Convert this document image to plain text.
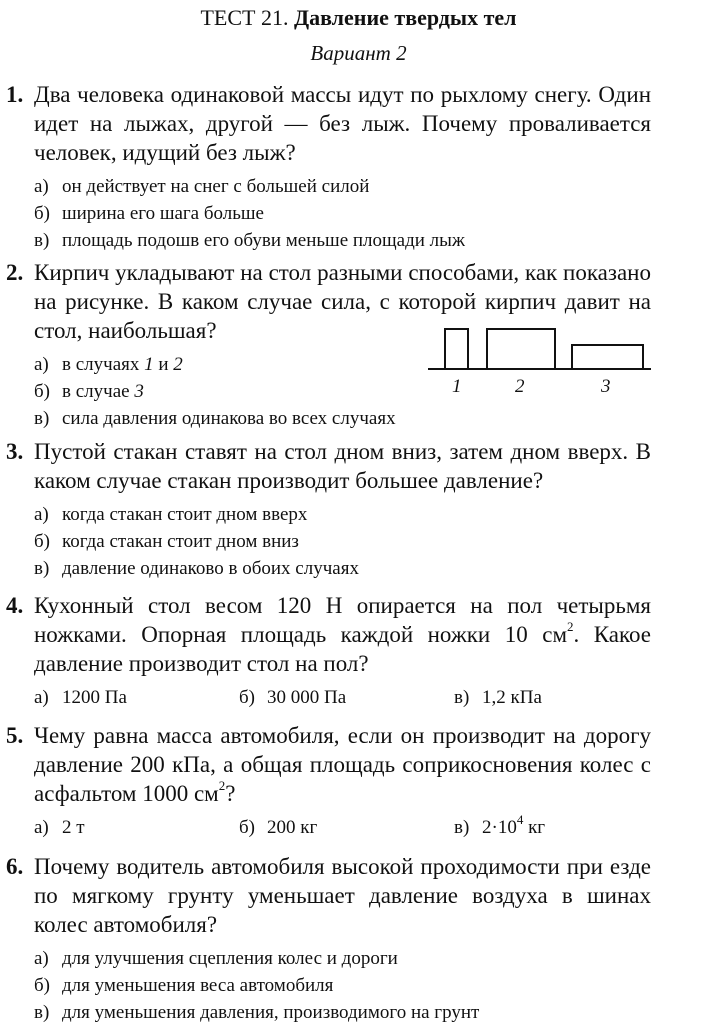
ТЕСТ 21. Давление твердых тел
Вариант 2
1. Два человека одинаковой массы идут по рыхлому снегу. Один идет на лыжах, другой — без лыж. Почему проваливается человек, идущий без лыж?
а) он действует на снег с большей силой
б) ширина его шага больше
в) площадь подошв его обуви меньше площади лыж
2. Кирпич укладывают на стол разными способами, как показано на рисунке. В каком случае сила, с которой кирпич давит на стол, наибольшая?
а) в случаях 1 и 2
б) в случае 3
в) сила давления одинакова во всех случаях
1	2	3
3. Пустой стакан ставят на стол дном вниз, затем дном вверх. В каком случае стакан производит большее давление?
а) когда стакан стоит дном вверх
б) когда стакан стоит дном вниз
в) давление одинаково в обоих случаях
4. Кухонный стол весом 120 Н опирается на пол четырьмя ножками. Опорная площадь каждой ножки 10 $см^2$. Какое давление производит стол на пол?
а) 1200 Па	б) 30 000 Па	в) 1,2 кПа
5. Чему равна масса автомобиля, если он производит на дорогу давление 200 кПа, а общая площадь соприкосновения колес с асфальтом 1000 $см^2$?
а) 2 т	б) 200 кг	в) $2\cdot 10^4$ кг
6. Почему водитель автомобиля высокой проходимости при езде по мягкому грунту уменьшает давление воздуха в шинах колес автомобиля?
а) для улучшения сцепления колес и дороги
б) для уменьшения веса автомобиля
в) для уменьшения давления, производимого на грунт
